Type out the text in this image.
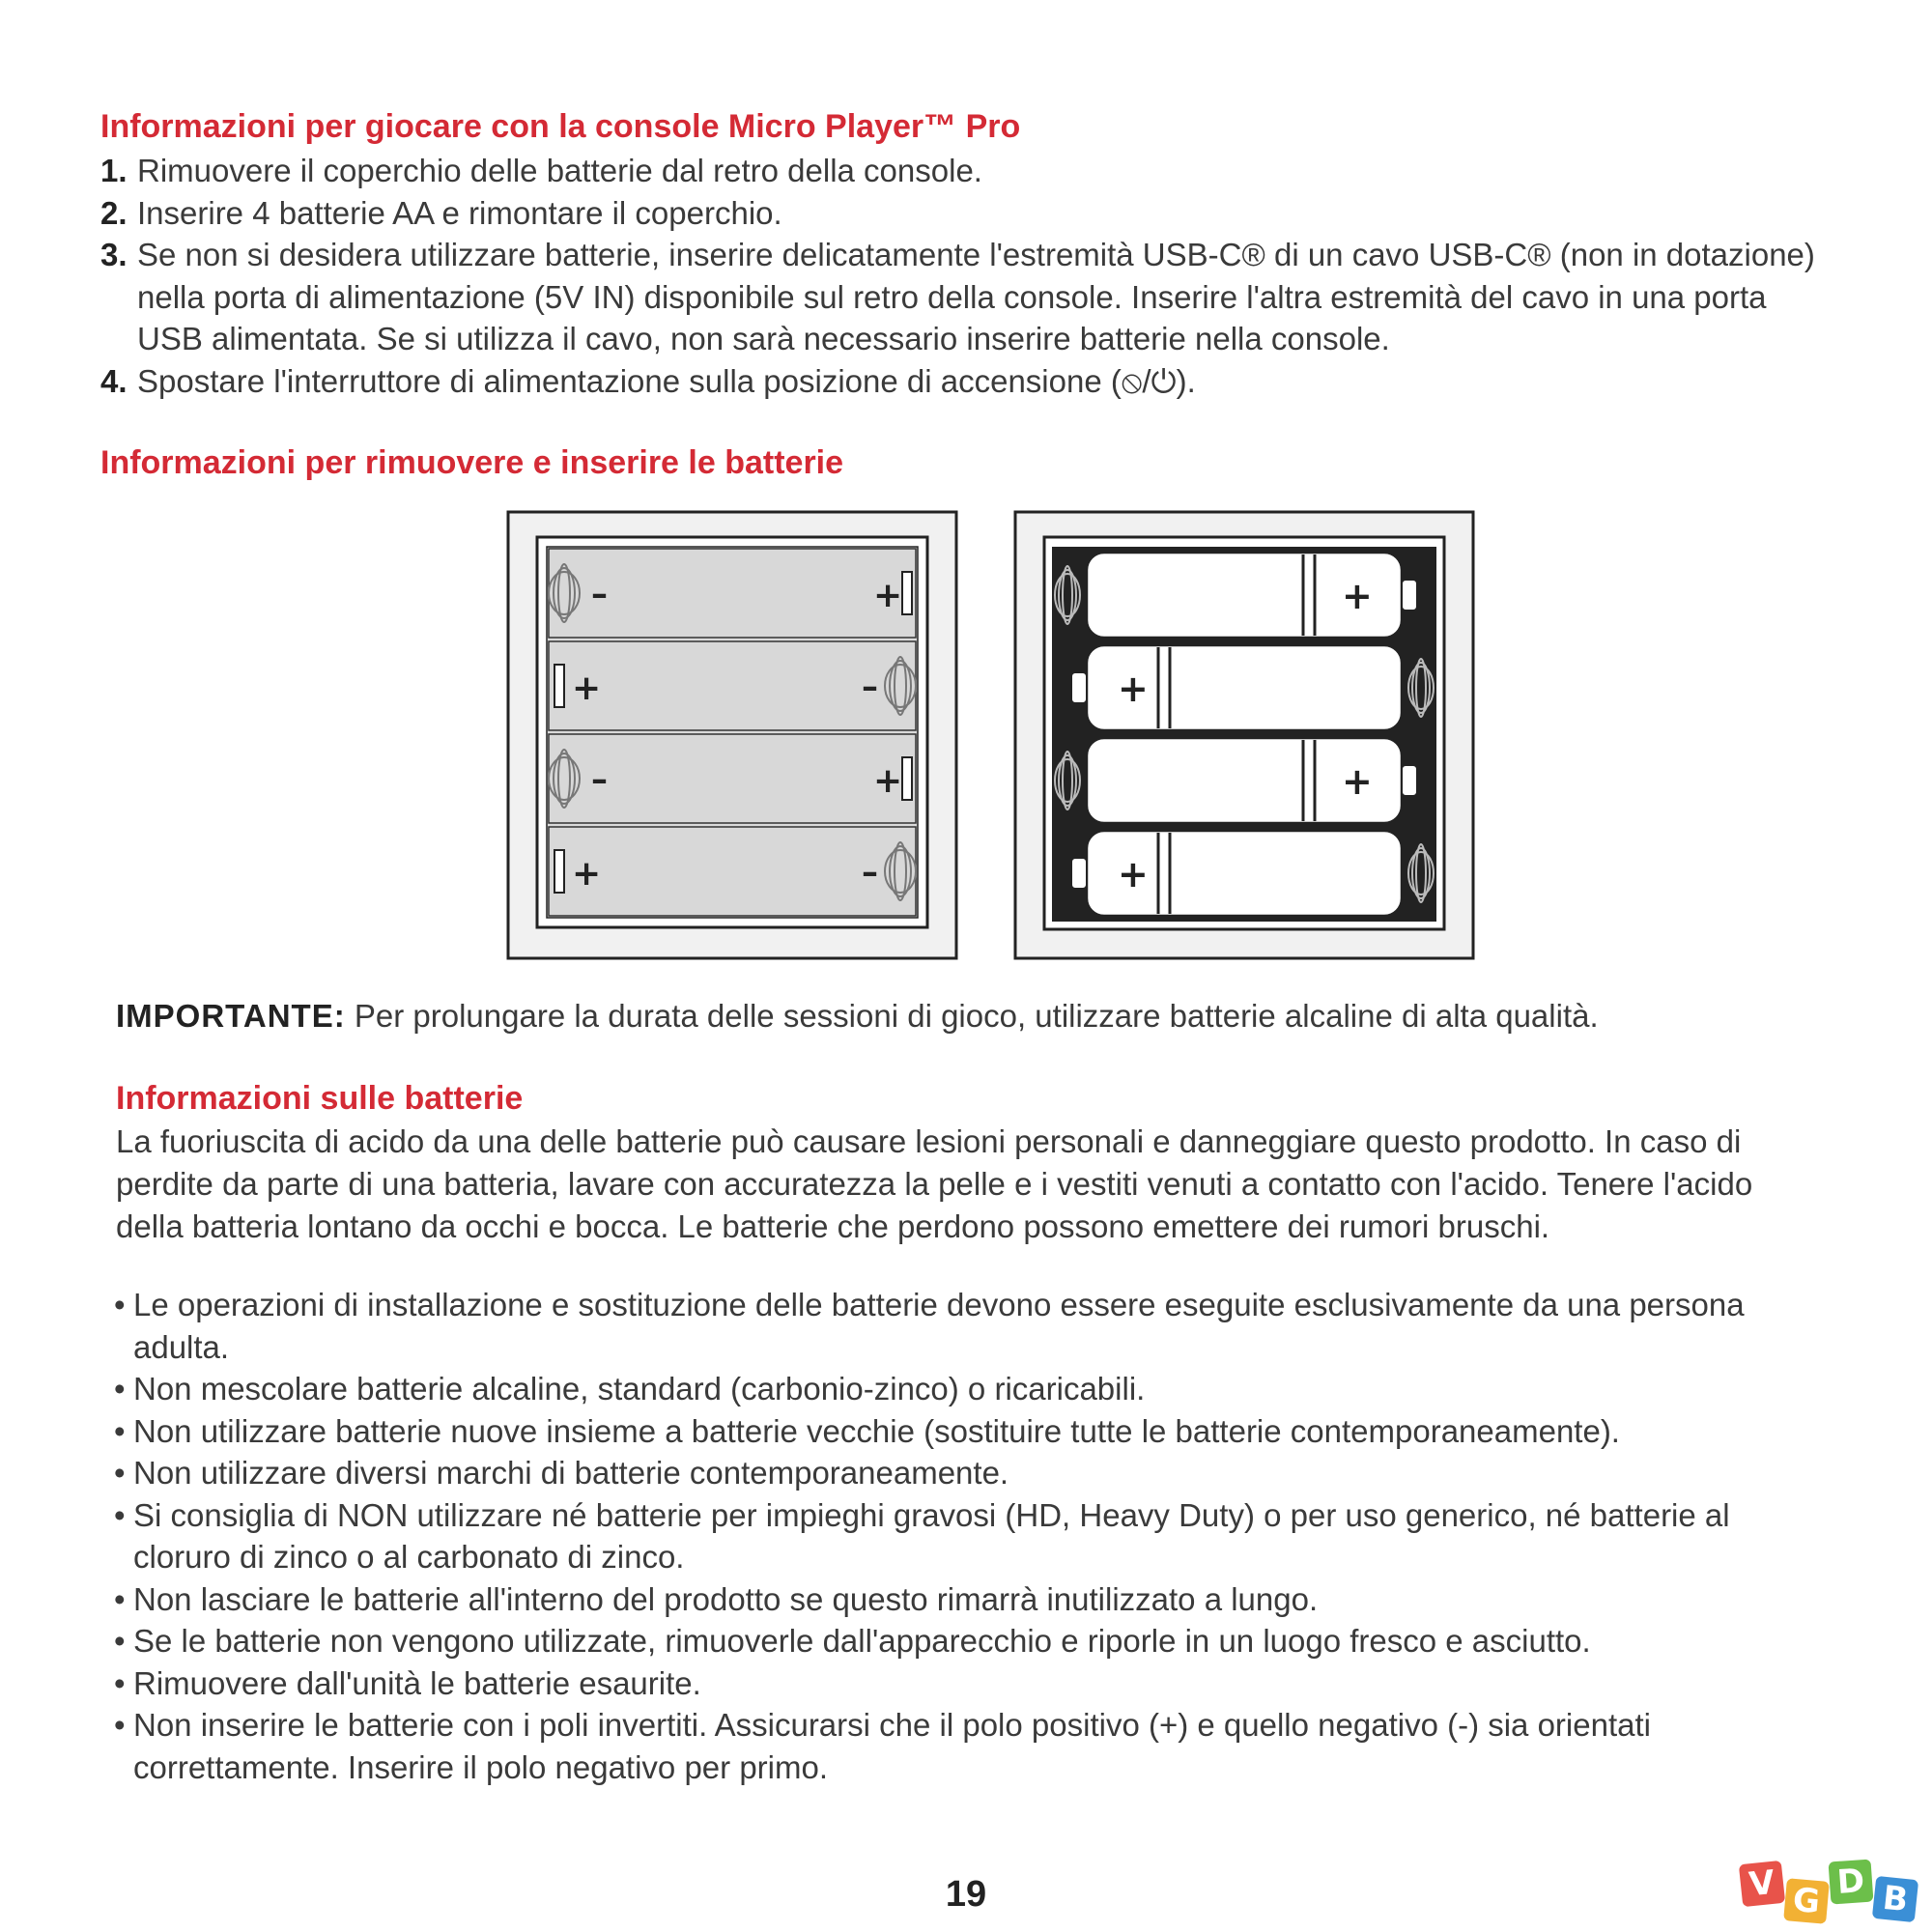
Informazioni per giocare con la console Micro Player™ Pro
1. Rimuovere il coperchio delle batterie dal retro della console.
2. Inserire 4 batterie AA e rimontare il coperchio.
3. Se non si desidera utilizzare batterie, inserire delicatamente l'estremità USB-C® di un cavo USB-C® (non in dotazione) nella porta di alimentazione (5V IN) disponibile sul retro della console. Inserire l'altra estremità del cavo in una porta USB alimentata. Se si utilizza il cavo, non sarà necessario inserire batterie nella console.
4. Spostare l'interruttore di alimentazione sulla posizione di accensione (⦸/⏻).
Informazioni per rimuovere e inserire le batterie
–	+
–
+
–	+
–
+
+
+
+
+
IMPORTANTE: Per prolungare la durata delle sessioni di gioco, utilizzare batterie alcaline di alta qualità.
Informazioni sulle batterie

La fuoriuscita di acido da una delle batterie può causare lesioni personali e danneggiare questo prodotto. In caso di perdite da parte di una batteria, lavare con accuratezza la pelle e i vestiti venuti a contatto con l'acido. Tenere l'acido della batteria lontano da occhi e bocca. Le batterie che perdono possono emettere dei rumori bruschi.

• Le operazioni di installazione e sostituzione delle batterie devono essere eseguite esclusivamente da una persona adulta.
• Non mescolare batterie alcaline, standard (carbonio-zinco) o ricaricabili.
• Non utilizzare batterie nuove insieme a batterie vecchie (sostituire tutte le batterie contemporaneamente).
• Non utilizzare diversi marchi di batterie contemporaneamente.
• Si consiglia di NON utilizzare né batterie per impieghi gravosi (HD, Heavy Duty) o per uso generico, né batterie al cloruro di zinco o al carbonato di zinco.
• Non lasciare le batterie all'interno del prodotto se questo rimarrà inutilizzato a lungo.
• Se le batterie non vengono utilizzate, rimuoverle dall'apparecchio e riporle in un luogo fresco e asciutto.
• Rimuovere dall'unità le batterie esaurite.
• Non inserire le batterie con i poli invertiti. Assicurarsi che il polo positivo (+) e quello negativo (-) sia orientati correttamente. Inserire il polo negativo per primo.
19	V G D B
